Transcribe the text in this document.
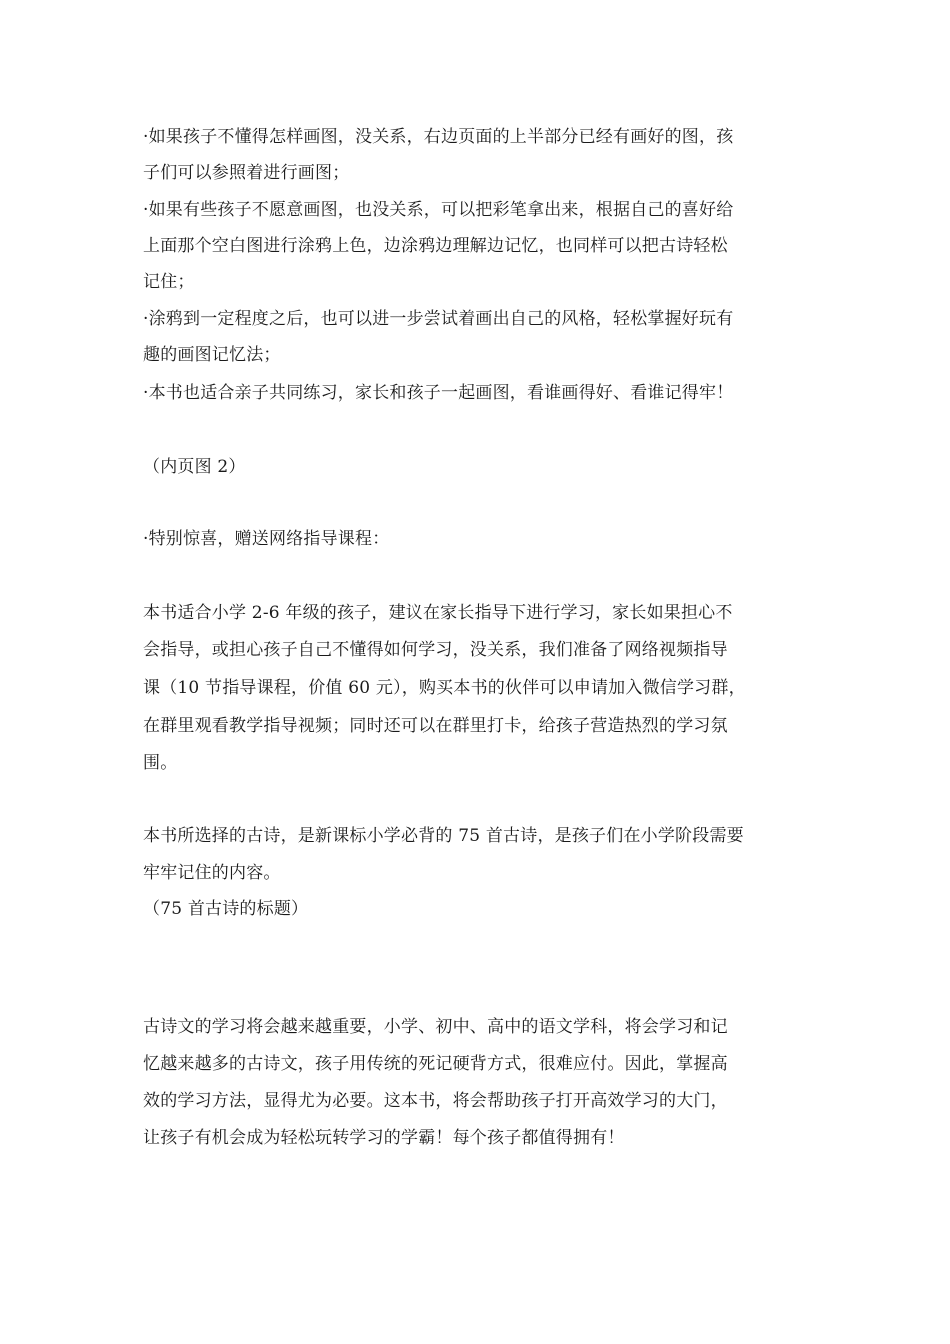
·如果孩子不懂得怎样画图，没关系，右边页面的上半部分已经有画好的图，孩
子们可以参照着进行画图；
·如果有些孩子不愿意画图，也没关系，可以把彩笔拿出来，根据自己的喜好给
上面那个空白图进行涂鸦上色，边涂鸦边理解边记忆，也同样可以把古诗轻松
记住；
·涂鸦到一定程度之后，也可以进一步尝试着画出自己的风格，轻松掌握好玩有
趣的画图记忆法；
·本书也适合亲子共同练习，家长和孩子一起画图，看谁画得好、看谁记得牢！
（内页图 2）
·特别惊喜，赠送网络指导课程：
本书适合小学 2-6 年级的孩子，建议在家长指导下进行学习，家长如果担心不
会指导，或担心孩子自己不懂得如何学习，没关系，我们准备了网络视频指导
课（10 节指导课程，价值 60 元），购买本书的伙伴可以申请加入微信学习群，
在群里观看教学指导视频；同时还可以在群里打卡，给孩子营造热烈的学习氛
围。
本书所选择的古诗，是新课标小学必背的 75 首古诗，是孩子们在小学阶段需要
牢牢记住的内容。
（75 首古诗的标题）
古诗文的学习将会越来越重要，小学、初中、高中的语文学科，将会学习和记
忆越来越多的古诗文，孩子用传统的死记硬背方式，很难应付。因此，掌握高
效的学习方法，显得尤为必要。这本书，将会帮助孩子打开高效学习的大门，
让孩子有机会成为轻松玩转学习的学霸！每个孩子都值得拥有！
